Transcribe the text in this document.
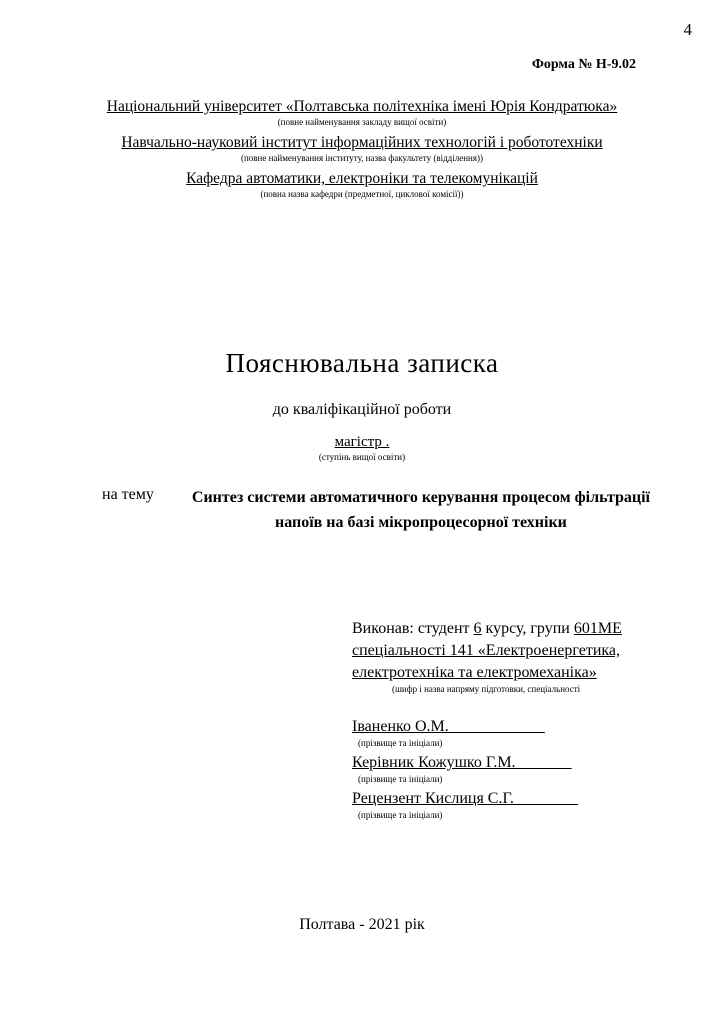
4
Форма № Н-9.02
Національний університет «Полтавська політехніка імені Юрія Кондратюка»
(повне найменування закладу вищої освіти)
Навчально-науковий інститут інформаційних технологій і робототехніки
(повне найменування інституту, назва факультету (відділення))
Кафедра автоматики, електроніки та телекомунікацій
(повна назва кафедри (предметної, циклової комісії))
Пояснювальна записка
до кваліфікаційної роботи
магістр .
(ступінь вищої освіти)
на тему	Синтез системи автоматичного керування процесом фільтрації напоїв на базі мікропроцесорної техніки
Виконав: студент 6 курсу, групи 601МЕ
спеціальності 141 «Електроенергетика,
електротехніка та електромеханіка»
(шифр і назва напряму підготовки, спеціальності
Іваненко О.М.____________
(прізвище та ініціали)
Керівник Кожушко Г.М._______
(прізвище та ініціали)
Рецензент Кислиця С.Г.________
(прізвище та ініціали)
Полтава - 2021 рік
